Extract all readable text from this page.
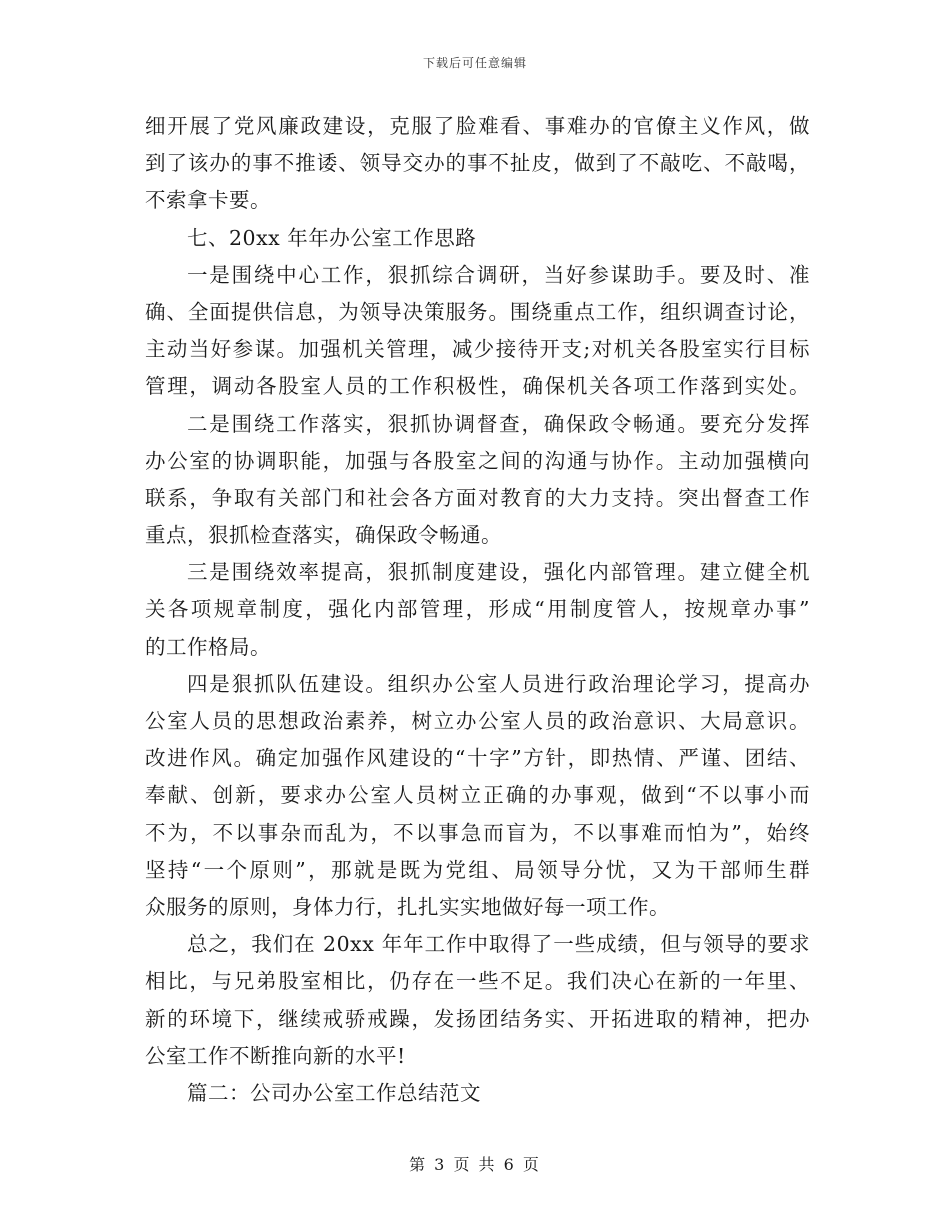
下载后可任意编辑
细开展了党风廉政建设，克服了脸难看、事难办的官僚主义作风，做
到了该办的事不推诿、领导交办的事不扯皮，做到了不敲吃、不敲喝，
不索拿卡要。
七、20xx 年年办公室工作思路
一是围绕中心工作，狠抓综合调研，当好参谋助手。要及时、准
确、全面提供信息，为领导决策服务。围绕重点工作，组织调查讨论，
主动当好参谋。加强机关管理，减少接待开支;对机关各股室实行目标
管理，调动各股室人员的工作积极性，确保机关各项工作落到实处。
二是围绕工作落实，狠抓协调督查，确保政令畅通。要充分发挥
办公室的协调职能，加强与各股室之间的沟通与协作。主动加强横向
联系，争取有关部门和社会各方面对教育的大力支持。突出督查工作
重点，狠抓检查落实，确保政令畅通。
三是围绕效率提高，狠抓制度建设，强化内部管理。建立健全机
关各项规章制度，强化内部管理，形成“用制度管人，按规章办事”
的工作格局。
四是狠抓队伍建设。组织办公室人员进行政治理论学习，提高办
公室人员的思想政治素养，树立办公室人员的政治意识、大局意识。
改进作风。确定加强作风建设的“十字”方针，即热情、严谨、团结、
奉献、创新，要求办公室人员树立正确的办事观，做到“不以事小而
不为，不以事杂而乱为，不以事急而盲为，不以事难而怕为”，始终
坚持“一个原则”，那就是既为党组、局领导分忧，又为干部师生群
众服务的原则，身体力行，扎扎实实地做好每一项工作。
总之，我们在 20xx 年年工作中取得了一些成绩，但与领导的要求
相比，与兄弟股室相比，仍存在一些不足。我们决心在新的一年里、
新的环境下，继续戒骄戒躁，发扬团结务实、开拓进取的精神，把办
公室工作不断推向新的水平!
篇二：公司办公室工作总结范文
第 3 页 共 6 页
